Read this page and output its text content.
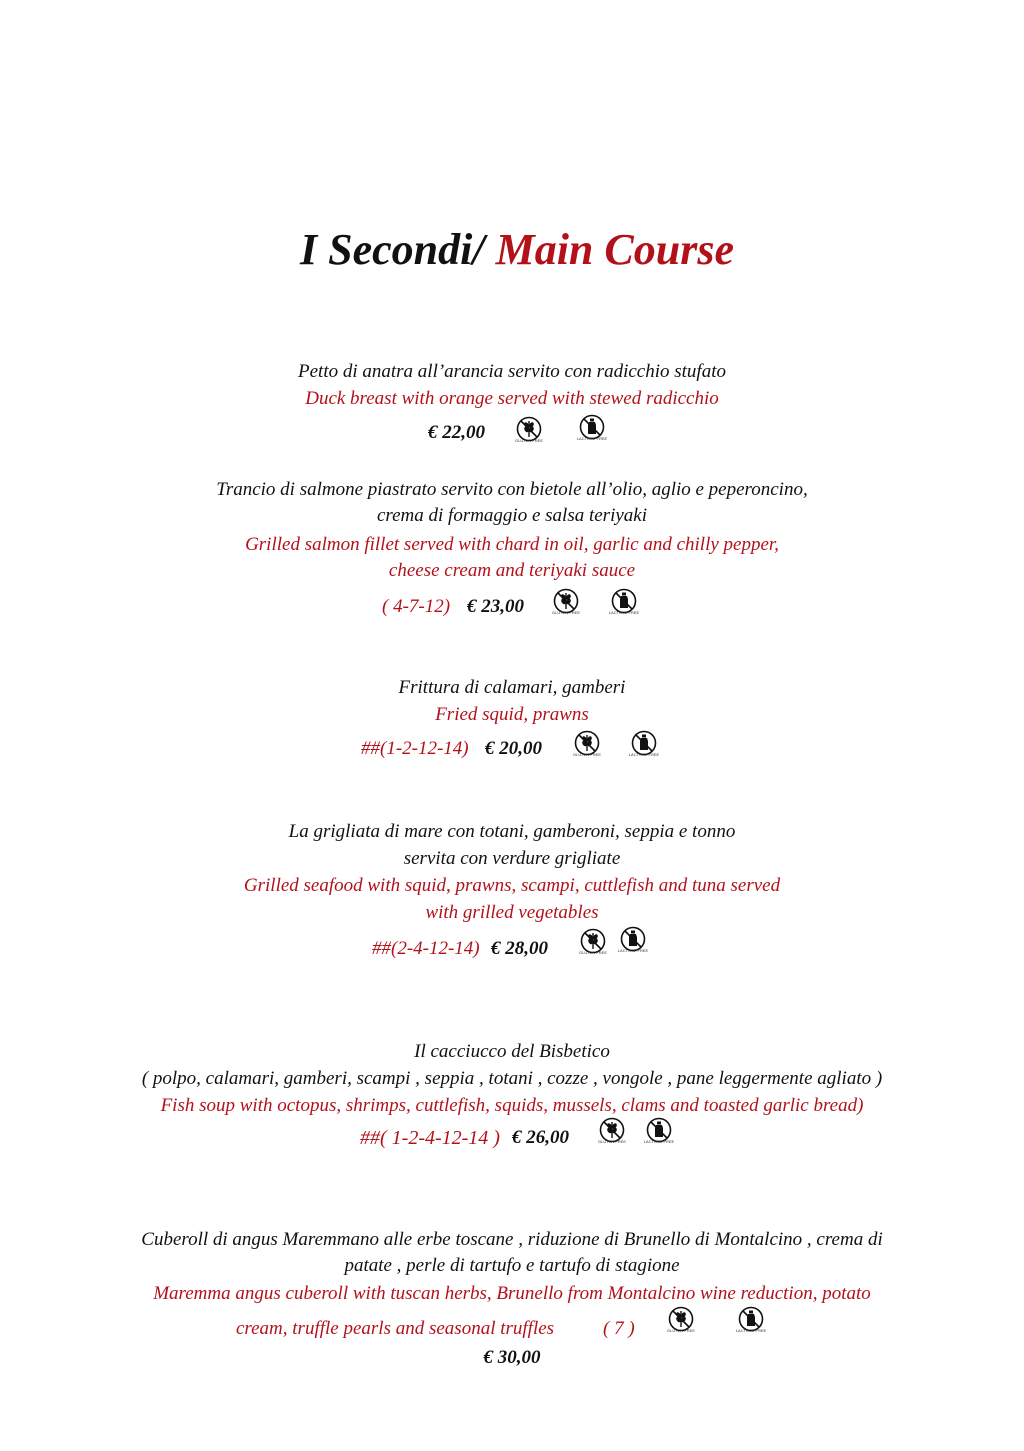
I Secondi/ Main Course
Petto di anatra all’arancia servito con radicchio stufato
Duck breast with orange served with stewed radicchio
€ 22,00	GLUTEN FREE	LACTOSE FREE
Trancio di salmone piastrato servito con bietole all’olio, aglio e peperoncino,
crema di formaggio e salsa teriyaki
Grilled salmon fillet served with chard in oil, garlic and chilly pepper,
cheese cream and teriyaki sauce
( 4-7-12) € 23,00	GLUTEN FREE	LACTOSE FREE
Frittura di calamari, gamberi
Fried squid, prawns
##(1-2-12-14) € 20,00	GLUTEN FREE	LACTOSE FREE
La grigliata di mare con totani, gamberoni, seppia e tonno
servita con verdure grigliate
Grilled seafood with squid, prawns, scampi, cuttlefish and tuna served
with grilled vegetables
##(2-4-12-14) € 28,00	GLUTEN FREE	LACTOSE FREE
Il cacciucco del Bisbetico
( polpo, calamari, gamberi, scampi , seppia , totani , cozze , vongole , pane leggermente agliato )
Fish soup with octopus, shrimps, cuttlefish, squids, mussels, clams and toasted garlic bread)
##( 1-2-4-12-14 ) € 26,00	GLUTEN FREE	LACTOSE FREE
Cuberoll di angus Maremmano alle erbe toscane , riduzione di Brunello di Montalcino , crema di
patate , perle di tartufo e tartufo di stagione
Maremma angus cuberoll with tuscan herbs, Brunello from Montalcino wine reduction, potato
cream, truffle pearls and seasonal truffles	( 7 )	GLUTEN FREE	LACTOSE FREE
€ 30,00
